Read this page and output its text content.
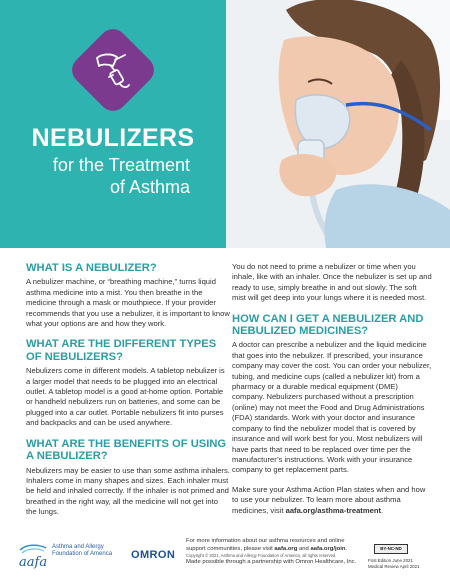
NEBULIZERS
for the Treatment
of Asthma
WHAT IS A NEBULIZER?

A nebulizer machine, or “breathing machine,” turns liquid asthma medicine into a mist. You then breathe in the medicine through a mask or mouthpiece. If your provider recommends that you use a nebulizer, it is important to know what your options are and how they work.

WHAT ARE THE DIFFERENT TYPES OF NEBULIZERS?

Nebulizers come in different models. A tabletop nebulizer is a larger model that needs to be plugged into an electrical outlet. A tabletop model is a good at-home option. Portable or handheld nebulizers run on batteries, and some can be plugged into a car outlet. Portable nebulizers fit into purses and backpacks and can be used anywhere.

WHAT ARE THE BENEFITS OF USING A NEBULIZER?

Nebulizers may be easier to use than some asthma inhalers. Inhalers come in many shapes and sizes. Each inhaler must be held and inhaled correctly. If the inhaler is not primed and breathed in the right way, all the medicine will not get into the lungs.

You do not need to prime a nebulizer or time when you inhale, like with an inhaler. Once the nebulizer is set up and ready to use, simply breathe in and out slowly. The soft mist will get deep into your lungs where it is needed most.

HOW CAN I GET A NEBULIZER AND NEBULIZED MEDICINES?

A doctor can prescribe a nebulizer and the liquid medicine that goes into the nebulizer. If prescribed, your insurance company may cover the cost. You can order your nebulizer, tubing, and medicine cups (called a nebulizer kit) from a pharmacy or a durable medical equipment (DME) company. Nebulizers purchased without a prescription (online) may not meet the Food and Drug Administrations (FDA) standards. Work with your doctor and insurance company to find the nebulizer model that is covered by insurance and will work best for you. Most nebulizers will have parts that need to be replaced over time per the manufacturer’s instructions. Work with your insurance company to get replacement parts.

Make sure your Asthma Action Plan states when and how to use your nebulizer. To learn more about asthma medicines, visit aafa.org/asthma-treatment.

aafa
Asthma and Allergy
Foundation of America OMRON
For more information about our asthma resources and online support communities, please visit aafa.org and aafa.org/join.
Copyright © 2021, Asthma and Allergy Foundation of America, all rights reserved.
Made possible through a partnership with Omron Healthcare, Inc.
BY-NC-ND
First Edition June 2021
Medical Review April 2021
